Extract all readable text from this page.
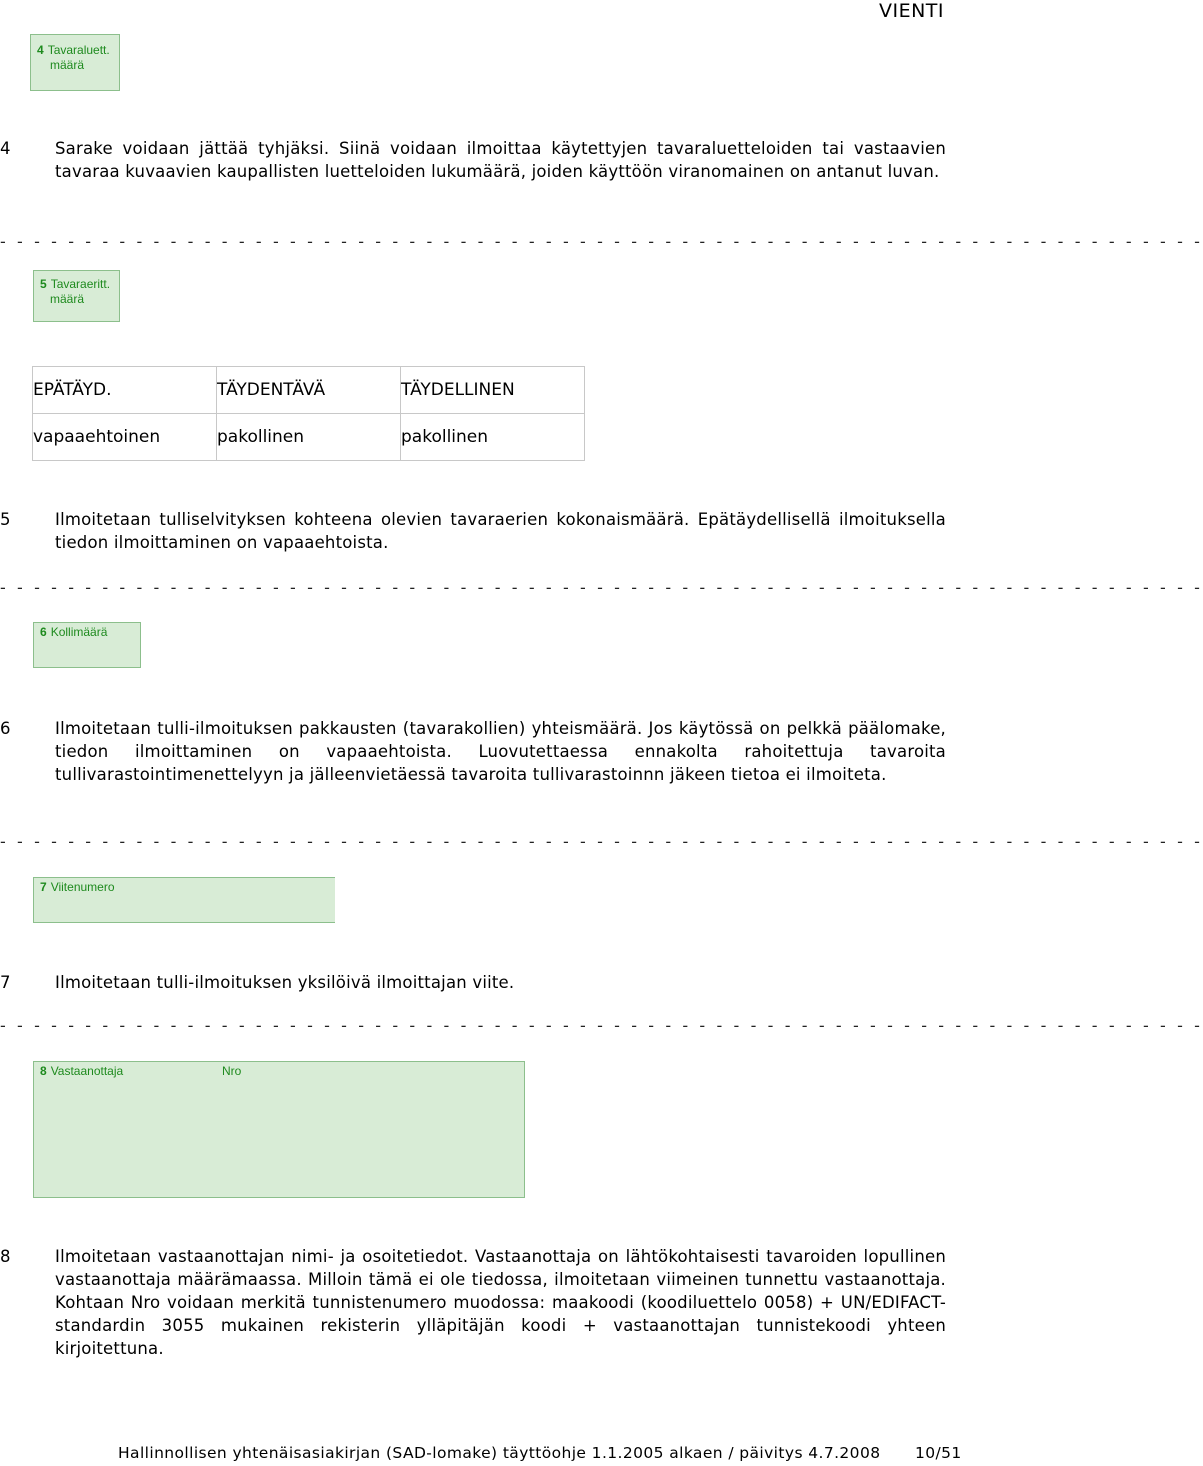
VIENTI
4 Tavaraluett.
määrä
4	Sarake voidaan jättää tyhjäksi. Siinä voidaan ilmoittaa käytettyjen tavaraluetteloiden tai vastaavien tavaraa kuvaavien kaupallisten luetteloiden lukumäärä, joiden käyttöön viranomainen on antanut luvan.
- - - - - - - - - - - - - - - - - - - - - - - - - - - - - - - - - - - - - - - - - - - - - - - - - - - - - - - - - - - - - - - - - - - - - - -
5 Tavaraeritt.
määrä
EPÄTÄYD.	TÄYDENTÄVÄ	TÄYDELLINEN
vapaaehtoinen	pakollinen	pakollinen
5	Ilmoitetaan tulliselvityksen kohteena olevien tavaraerien kokonaismäärä. Epätäydellisellä ilmoituksella tiedon ilmoittaminen on vapaaehtoista.
- - - - - - - - - - - - - - - - - - - - - - - - - - - - - - - - - - - - - - - - - - - - - - - - - - - - - - - - - - - - - - - - - - - - - - -
6 Kollimäärä
6	Ilmoitetaan tulli-ilmoituksen pakkausten (tavarakollien) yhteismäärä. Jos käytössä on pelkkä päälomake, tiedon ilmoittaminen on vapaaehtoista. Luovutettaessa ennakolta rahoitettuja tavaroita tullivarastointimenettelyyn ja jälleenvietäessä tavaroita tullivarastoinnn jäkeen tietoa ei ilmoiteta.
- - - - - - - - - - - - - - - - - - - - - - - - - - - - - - - - - - - - - - - - - - - - - - - - - - - - - - - - - - - - - - - - - - - - - - -
7 Viitenumero
7	Ilmoitetaan tulli-ilmoituksen yksilöivä ilmoittajan viite.
- - - - - - - - - - - - - - - - - - - - - - - - - - - - - - - - - - - - - - - - - - - - - - - - - - - - - - - - - - - - - - - - - - - - - - -
8 Vastaanottaja	Nro
8	Ilmoitetaan vastaanottajan nimi- ja osoitetiedot. Vastaanottaja on lähtökohtaisesti tavaroiden lopullinen vastaanottaja määrämaassa. Milloin tämä ei ole tiedossa, ilmoitetaan viimeinen tunnettu vastaanottaja. Kohtaan Nro voidaan merkitä tunnistenumero muodossa: maakoodi (koodiluettelo 0058) + UN/EDIFACT-standardin 3055 mukainen rekisterin ylläpitäjän koodi + vastaanottajan tunnistekoodi yhteen kirjoitettuna.
Hallinnollisen yhtenäisasiakirjan (SAD-lomake) täyttöohje 1.1.2005 alkaen / päivitys 4.7.2008 10/51
